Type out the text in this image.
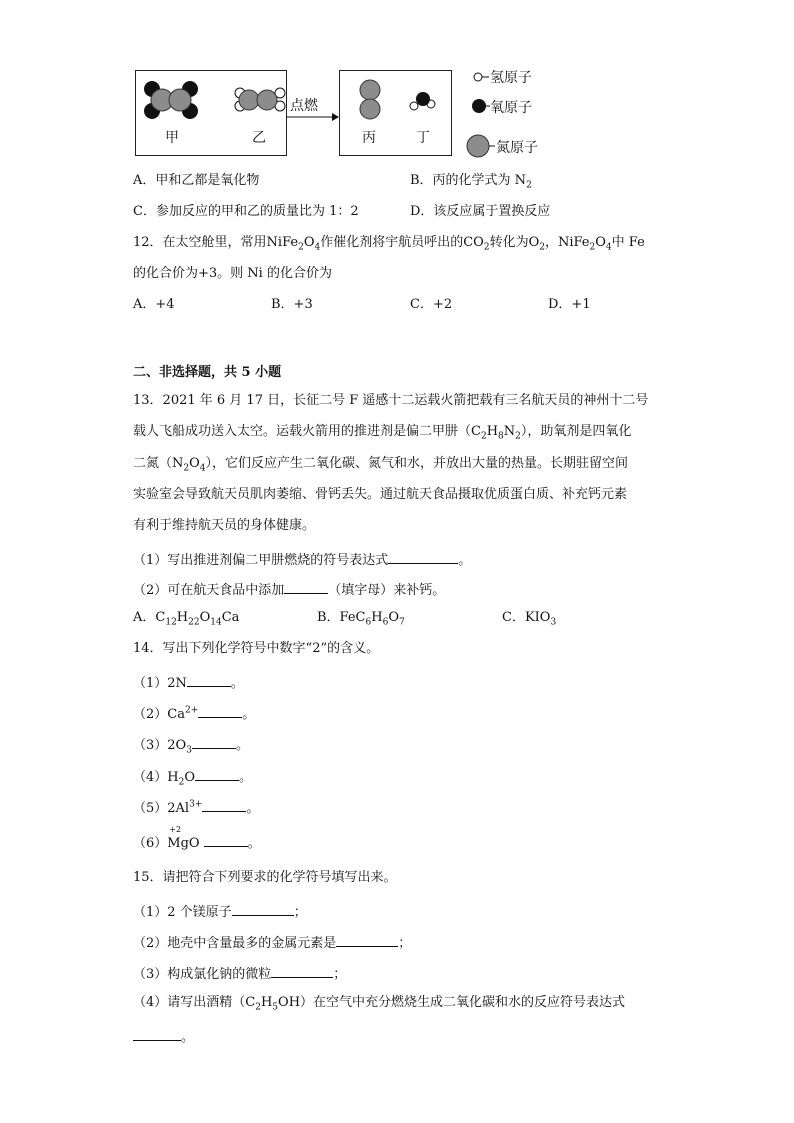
甲	乙
点燃
丙	丁
氢原子
氧原子
氮原子
A．甲和乙都是氧化物	B．丙的化学式为 $N_2$
C．参加反应的甲和乙的质量比为 1：2	D．该反应属于置换反应
12．在太空舱里，常用$NiFe_2O_4$作催化剂将宇航员呼出的$CO_2$转化为$O_2$，$NiFe_2O_4$中 Fe
的化合价为+3。则 Ni 的化合价为
A．+4	B．+3	C．+2	D．+1
二、非选择题，共 5 小题
13．2021 年 6 月 17 日，长征二号 F 遥感十二运载火箭把载有三名航天员的神州十二号
载人飞船成功送入太空。运载火箭用的推进剂是偏二甲肼$(C_2H_8N_2)$，助氧剂是四氧化
二氮$(N_2O_4)$，它们反应产生二氧化碳、氮气和水，并放出大量的热量。长期驻留空间
实验室会导致航天员肌肉萎缩、骨钙丢失。通过航天食品摄取优质蛋白质、补充钙元素
有利于维持航天员的身体健康。
（1）写出推进剂偏二甲肼燃烧的符号表达式	。
（2）可在航天食品中添加	（填字母）来补钙。
A．$C_{12}H_{22}O_{14}Ca$	B．$FeC_6H_6O_7$	C．$KIO_3$
14．写出下列化学符号中数字“2”的含义。
（1）2N	。
$(2)Ca^{2+}$	。
$(3)2O_3$	。
$(4)H_2O$	。
$(5)2Al^{3+}$	。
（6）
+2
MgO	。
15．请把符合下列要求的化学符号填写出来。
（1）2 个镁原子	；
（2）地壳中含量最多的金属元素是	；
（3）构成氯化钠的微粒	；
（4）请写出酒精$(C_2H_5OH)$在空气中充分燃烧生成二氧化碳和水的反应符号表达式
。
